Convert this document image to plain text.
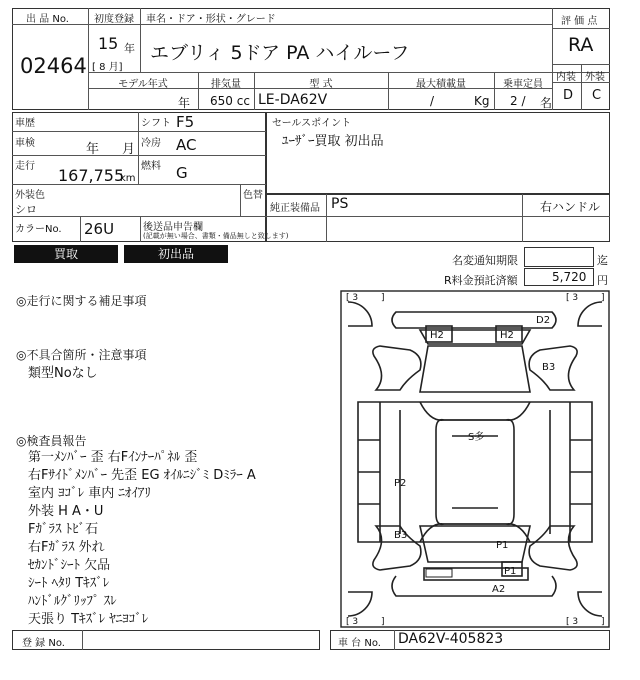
出 品 No.
02464
初度登録 車名・ドア・形状・グレード
15 年
[ 8 月]
エブリィ 5ドア PA ハイルーフ
評 価 点
RA
内装 外装
D C
モデル年式	排気量	型 式	最大積載量	乗車定員
年 650 cc LE-DA62V	/	Kg 2 / 名
車歴	シフト F5
車検	年 月 冷房 AC
走行 167,755
km
燃料 G
外装色
シロ
色替
カラーNo. 26U	後送品申告欄
(記載が無い場合、書類・備品無しと致します)
セールスポイント
ﾕｰｻﾞｰ買取 初出品
純正装備品 PS	右ハンドル
買取	初出品	名変通知期限	迄
R料金預託済額	5,720 円
◎走行に関する補足事項
◎不具合箇所・注意事項
類型Noなし
◎検査員報告
第一ﾒﾝﾊﾞｰ 歪 右Fｲﾝﾅｰﾊﾟﾈﾙ 歪
右Fｻｲﾄﾞﾒﾝﾊﾞｰ 先歪 EG ｵｲﾙﾆｼﾞﾐ Dﾐﾗｰ A
室内 ﾖｺﾞﾚ 車内 ﾆｵｲｱﾘ
外装 H A・U
Fｶﾞﾗｽ ﾄﾋﾞ石
右Fｶﾞﾗｽ 外れ
ｾｶﾝﾄﾞｼｰﾄ 欠品
ｼｰﾄ ﾍﾀﾘ Tｷｽﾞﾚ
ﾊﾝﾄﾞﾙｸﾞﾘｯﾌﾟ ｽﾚ
天張り Tｷｽﾞﾚ ﾔﾆﾖｺﾞﾚ
[ 3 ]	[ 3 ]
[ 3 ]	[ 3 ]
D2
H2	H2
B3
S多
P2
B3
P1
P1
A2
登 録 No.	車 台 No. DA62V-405823
